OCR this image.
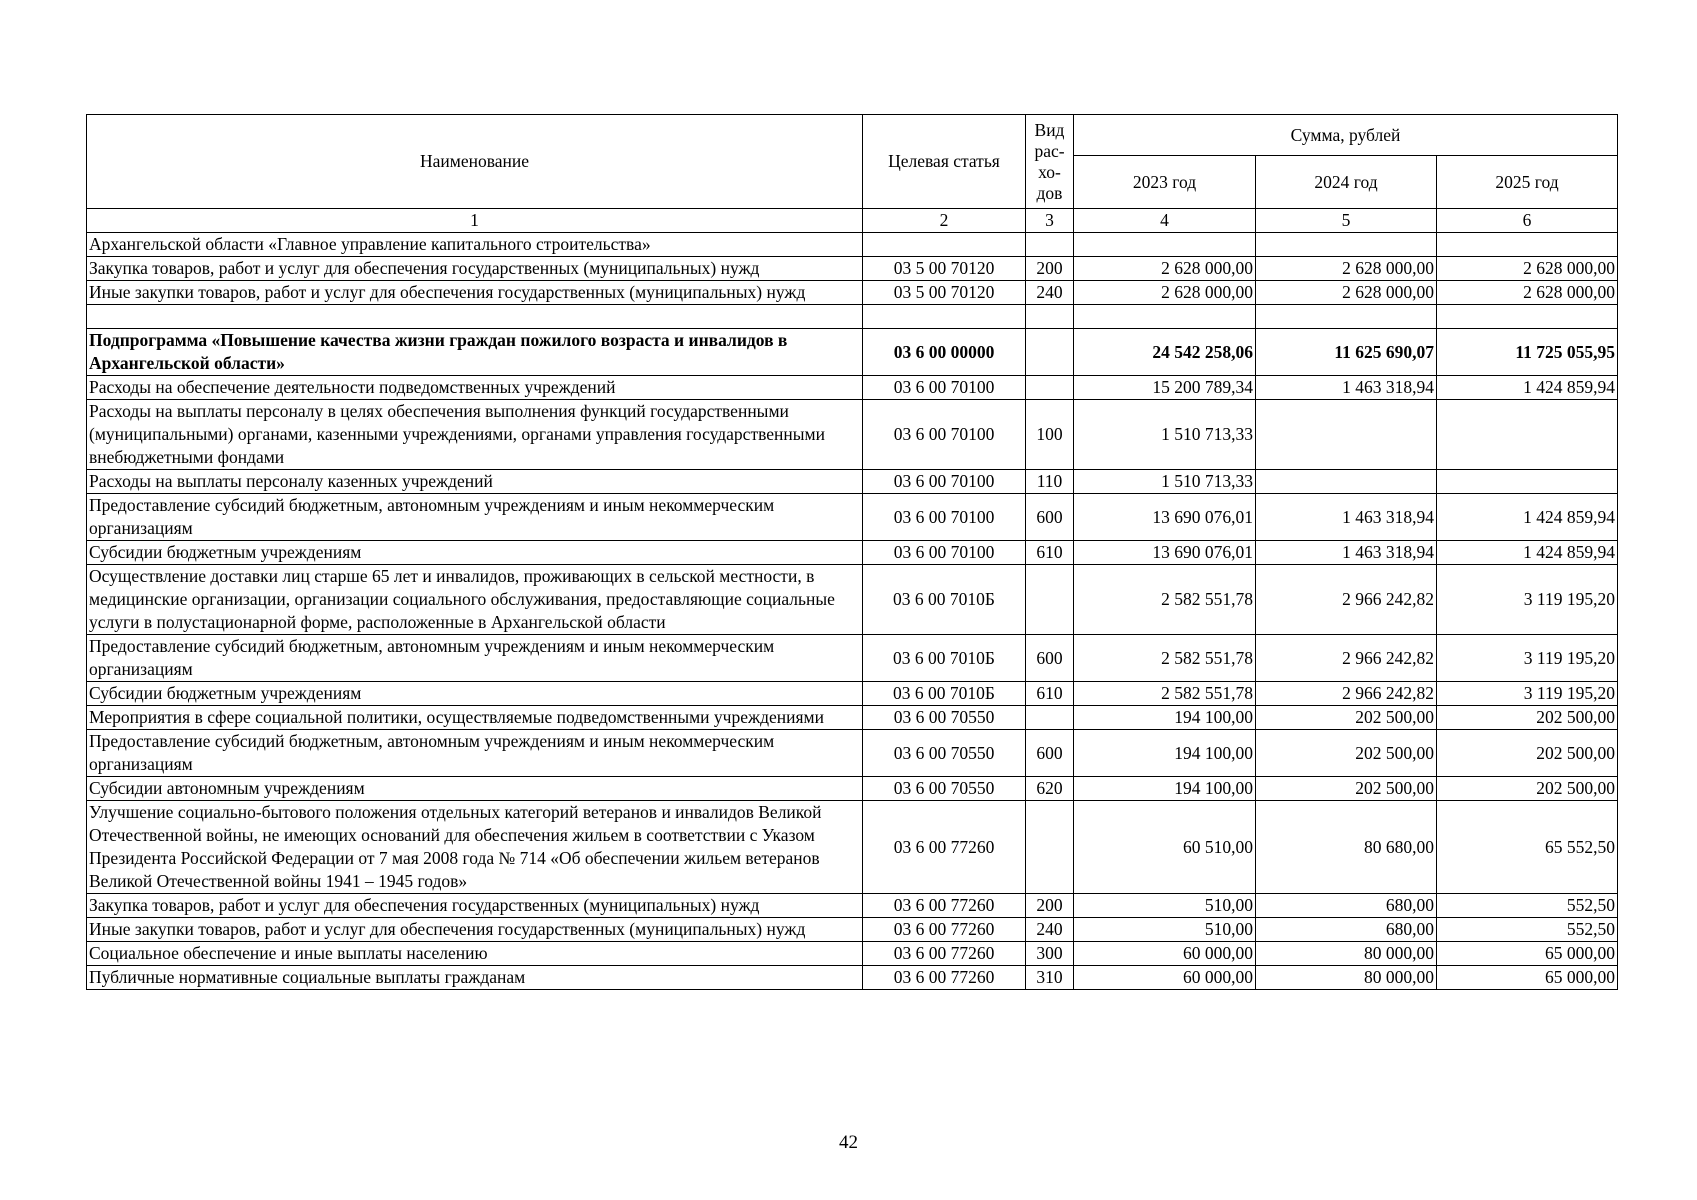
Наименование	Целевая статья	Вид рас- хо- дов	Сумма, рублей		
			2023 год	2024 год	2025 год
1	2	3	4	5	6
Архангельской области «Главное управление капитального строительства»					
Закупка товаров, работ и услуг для обеспечения государственных (муниципальных) нужд	03 5 00 70120	200	2 628 000,00	2 628 000,00	2 628 000,00
Иные закупки товаров, работ и услуг для обеспечения государственных (муниципальных) нужд	03 5 00 70120	240	2 628 000,00	2 628 000,00	2 628 000,00

Подпрограмма «Повышение качества жизни граждан пожилого возраста и инвалидов в Архангельской области»	03 6 00 00000		24 542 258,06	11 625 690,07	11 725 055,95
Расходы на обеспечение деятельности подведомственных учреждений	03 6 00 70100		15 200 789,34	1 463 318,94	1 424 859,94
Расходы на выплаты персоналу в целях обеспечения выполнения функций государственными (муниципальными) органами, казенными учреждениями, органами управления государственными внебюджетными фондами	03 6 00 70100	100	1 510 713,33		
Расходы на выплаты персоналу казенных учреждений	03 6 00 70100	110	1 510 713,33		
Предоставление субсидий бюджетным, автономным учреждениям и иным некоммерческим организациям	03 6 00 70100	600	13 690 076,01	1 463 318,94	1 424 859,94
Субсидии бюджетным учреждениям	03 6 00 70100	610	13 690 076,01	1 463 318,94	1 424 859,94
Осуществление доставки лиц старше 65 лет и инвалидов, проживающих в сельской местности, в медицинские организации, организации социального обслуживания, предоставляющие социальные услуги в полустационарной форме, расположенные в Архангельской области	03 6 00 7010Б		2 582 551,78	2 966 242,82	3 119 195,20
Предоставление субсидий бюджетным, автономным учреждениям и иным некоммерческим организациям	03 6 00 7010Б	600	2 582 551,78	2 966 242,82	3 119 195,20
Субсидии бюджетным учреждениям	03 6 00 7010Б	610	2 582 551,78	2 966 242,82	3 119 195,20
Мероприятия в сфере социальной политики, осуществляемые подведомственными учреждениями	03 6 00 70550		194 100,00	202 500,00	202 500,00
Предоставление субсидий бюджетным, автономным учреждениям и иным некоммерческим организациям	03 6 00 70550	600	194 100,00	202 500,00	202 500,00
Субсидии автономным учреждениям	03 6 00 70550	620	194 100,00	202 500,00	202 500,00
Улучшение социально-бытового положения отдельных категорий ветеранов и инвалидов Великой Отечественной войны, не имеющих оснований для обеспечения жильем в соответствии с Указом Президента Российской Федерации от 7 мая 2008 года № 714 «Об обеспечении жильем ветеранов Великой Отечественной войны 1941 – 1945 годов»	03 6 00 77260		60 510,00	80 680,00	65 552,50
Закупка товаров, работ и услуг для обеспечения государственных (муниципальных) нужд	03 6 00 77260	200	510,00	680,00	552,50
Иные закупки товаров, работ и услуг для обеспечения государственных (муниципальных) нужд	03 6 00 77260	240	510,00	680,00	552,50
Социальное обеспечение и иные выплаты населению	03 6 00 77260	300	60 000,00	80 000,00	65 000,00
Публичные нормативные социальные выплаты гражданам	03 6 00 77260	310	60 000,00	80 000,00	65 000,00
42
